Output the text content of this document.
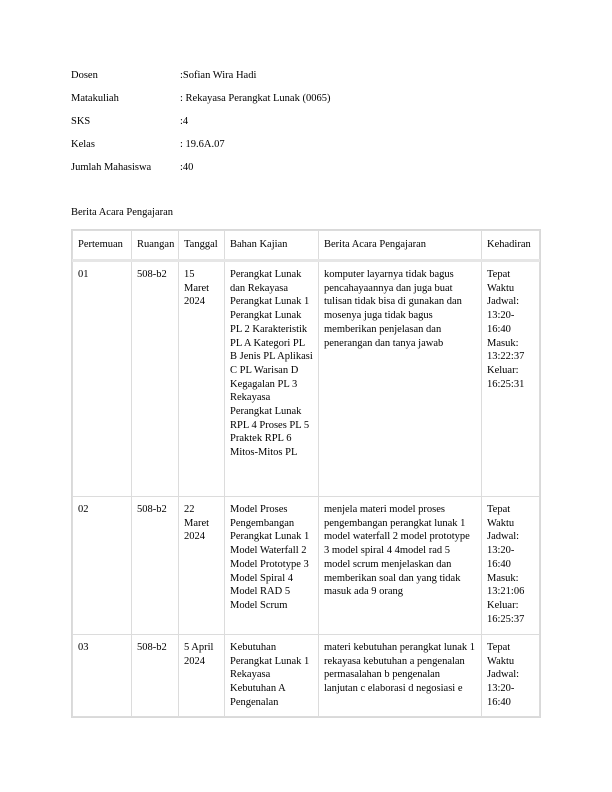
Dosen	:Sofian Wira Hadi
Matakuliah	: Rekayasa Perangkat Lunak (0065)
SKS	:4
Kelas	: 19.6A.07
Jumlah Mahasiswa	:40
Berita Acara Pengajaran
Pertemuan	Ruangan	Tanggal	Bahan Kajian	Berita Acara Pengajaran	Kehadiran
01	508-b2	15 Maret 2024	Perangkat Lunak dan Rekayasa Perangkat Lunak 1 Perangkat Lunak PL 2 Karakteristik PL A Kategori PL B Jenis PL Aplikasi C PL Warisan D Kegagalan PL 3 Rekayasa Perangkat Lunak RPL 4 Proses PL 5 Praktek RPL 6 Mitos-Mitos PL	komputer layarnya tidak bagus pencahayaannya dan juga buat tulisan tidak bisa di gunakan dan mosenya juga tidak bagus memberikan penjelasan dan penerangan dan tanya jawab	Tepat Waktu Jadwal: 13:20-16:40 Masuk: 13:22:37 Keluar: 16:25:31
02	508-b2	22 Maret 2024	Model Proses Pengembangan Perangkat Lunak 1 Model Waterfall 2 Model Prototype 3 Model Spiral 4 Model RAD 5 Model Scrum	menjela materi model proses pengembangan perangkat lunak 1 model waterfall 2 model prototype 3 model spiral 4 4model rad 5 model scrum menjelaskan dan memberikan soal dan yang tidak masuk ada 9 orang	Tepat Waktu Jadwal: 13:20-16:40 Masuk: 13:21:06 Keluar: 16:25:37
03	508-b2	5 April 2024	Kebutuhan Perangkat Lunak 1 Rekayasa Kebutuhan A Pengenalan	materi kebutuhan perangkat lunak 1 rekayasa kebutuhan a pengenalan permasalahan b pengenalan lanjutan c elaborasi d negosiasi e	Tepat Waktu Jadwal: 13:20-16:40
